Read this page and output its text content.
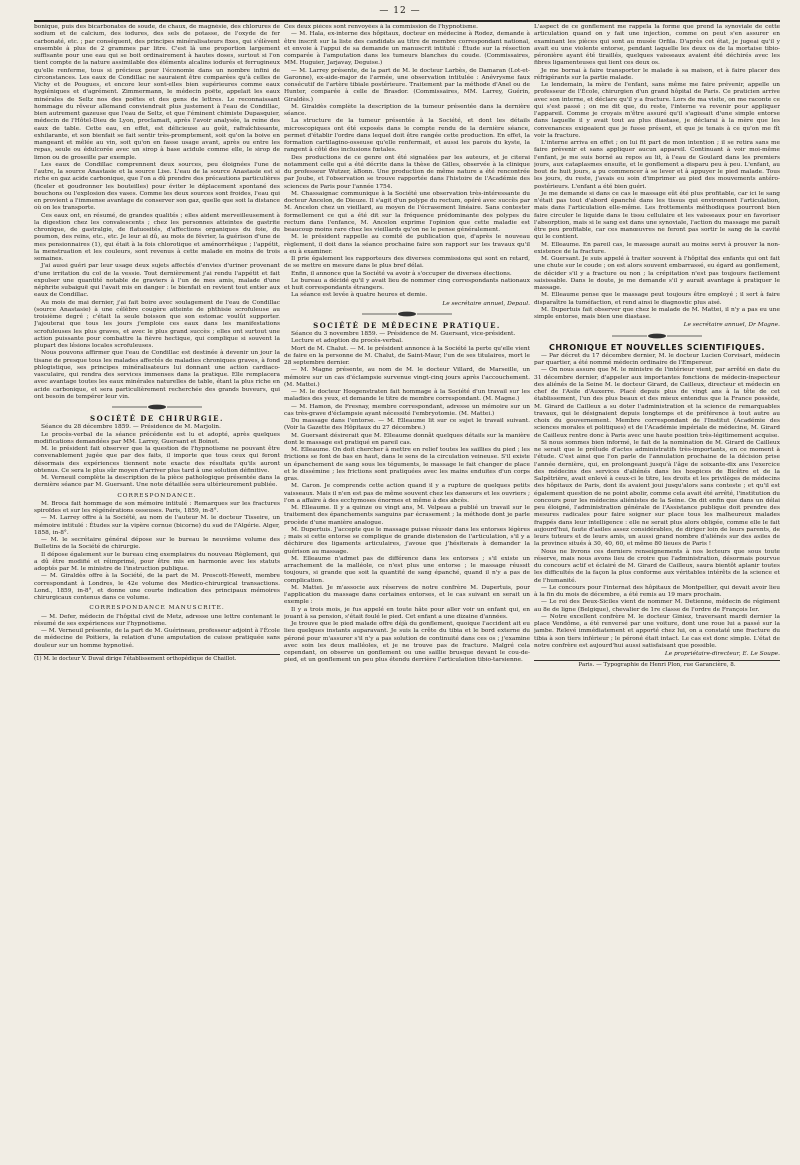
— 12 —

bonique, puis des bicarbonates de soude, de chaux, de magnésie, des chlorures de sodium et de calcium, des iodures, des sels de potasse, de l'oxyde de fer carbonaté, etc. ; par conséquent, des principes minéralisateurs fixes, qui s'élèvent ensemble à plus de 2 grammes par litre. C'est là une proportion largement suffisante pour une eau qui se boit ordinairement à hautes doses, surtout si l'on tient compte de la nature assimilable des éléments alcalins iodurés et ferrugineux qu'elle renferme, tous si précieux pour l'économie dans un nombre infini de circonstances. Les eaux de Condillac ne sauraient être comparées qu'à celles de Vichy et de Pougues, et encore leur sont-elles bien supérieures comme eaux hygiéniques et d'agrément. Zimmermann, le médecin poëte, appelait les eaux minérales de Seltz nos des poëtes et des gens de lettres. Le reconnaissant hommage du rêveur allemand conviendrait plus justement à l'eau de Condillac, bien autrement gazeuse que l'eau de Seltz, et que l'éminent chimiste Dupasquier, médecin de l'Hôtel-Dieu de Lyon, proclamait, après l'avoir analysée, la reine des eaux de table. Cette eau, en effet, est délicieuse au goût, rafraîchissante, exhilarante, et son bienfait se fait sentir très-promptement, soit qu'on la boive en mangeant et mêlée au vin, soit qu'on en fasse usage avant, après ou entre les repas, seule ou édulcorée avec un sirop à base acidule comme elle, le sirop de limon ou de groseille par exemple.

Les eaux de Condillac comprennent deux sources, peu éloignées l'une de l'autre, la source Anastasie et la source Lise. L'eau de la source Anastasie est si riche en gaz acide carbonique, que l'on a dû prendre des précautions particulières (ficeler et goudronner les bouteilles) pour éviter le déplacement spontané des bouchons ou l'explosion des vases. Comme les deux sources sont froides, l'eau qui en provient a l'immense avantage de conserver son gaz, quelle que soit la distance où on les transporte.

Ces eaux ont, en résumé, de grandes qualités ; elles aident merveilleusement à la digestion chez les convalescents ; chez les personnes atteintes de gastrite chronique, de gastralgie, de flatuosités, d'affections organiques du foie, du poumon, des reins, etc., etc. Je leur ai dû, au mois de février, la guérison d'une de mes pensionnaires (1), qui était à la fois chlorotique et aménorrhéique ; l'appétit, la menstruation et les couleurs, sont revenus à cette malade en moins de trois semaines.

J'ai aussi guéri par leur usage deux sujets affectés d'envies d'uriner provenant d'une irritation du col de la vessie. Tout dernièrement j'ai rendu l'appétit et fait expulser une quantité notable de graviers à l'un de mes amis, malade d'une néphrite subaiguë qui l'avait mis en danger : le bienfait en revient tout entier aux eaux de Condillac.

Au mois de mai dernier, j'ai fait boire avec soulagement de l'eau de Condillac (source Anastasie) à une célèbre cougère atteinte de phthisie scrofuleuse au troisième degré ; c'était la seule boisson que son estomac voulût supporter. J'ajouterai que tous les jours j'emploie ces eaux dans les manifestations scrofuleuses les plus graves, et avec le plus grand succès ; elles ont surtout une action puissante pour combattre la fièvre hectique, qui complique si souvent la plupart des lésions locales scrofuleuses.

Nous pouvons affirmer que l'eau de Condillac est destinée à devenir un jour la tisane de presque tous les malades affectés de maladies chroniques graves, à fond phlogistique, ses principes minéralisateurs lui donnant une action cardiaco-vasculaire, qui rendra des services immenses dans la pratique. Elle remplacera avec avantage toutes les eaux minérales naturelles de table, étant la plus riche en acide carbonique, et sera particulièrement recherchée des grands buveurs, qui ont besoin de tempérer leur vin.

SOCIÉTÉ DE CHIRURGIE.

Séance du 28 décembre 1859. — Présidence de M. Marjolin.

Le procès-verbal de la séance précédente est lu et adopté, après quelques modifications demandées par MM. Larrey, Guersant et Boinet.

M. le président fait observer que la question de l'hypnotisme ne pouvant être convenablement jugée que par des faits, il importe que tous ceux qui feront désormais des expériences tiennent note exacte des résultats qu'ils auront obtenus. Ce sera le plus sûr moyen d'arriver plus tard à une solution définitive.

M. Verneuil complète la description de la pièce pathologique présentée dans la dernière séance par M. Guersant. Une note détaillée sera ultérieurement publiée.

CORRESPONDANCE.

M. Broca fait hommage de son mémoire intitulé : Remarques sur les fractures spiroïdes et sur les régénérations osseuses. Paris, 1859, in-8°.

— M. Larrey offre à la Société, au nom de l'auteur M. le docteur Tisseire, un mémoire intitulé : Études sur la vipère cornue (bicorne) du sud de l'Algérie. Alger, 1858, in-8°.

— M. le secrétaire général dépose sur le bureau le neuvième volume des Bulletins de la Société de chirurgie.

Il dépose également sur le bureau cinq exemplaires du nouveau Règlement, qui a dû être modifié et réimprimé, pour être mis en harmonie avec les statuts adoptés par M. le ministre de l'instruction publique.

— M. Giraldès offre à la Société, de la part de M. Prescott-Hewett, membre correspondant à Londres, le 42e volume des Medico-chirurgical transactions. Lond., 1859, in-8°, et donne une courte indication des principaux mémoires chirurgicaux contenus dans ce volume.

CORRESPONDANCE MANUSCRITE.

— M. Defer, médecin de l'hôpital civil de Metz, adresse une lettre contenant le résumé de ses expériences sur l'hypnotisme.

— M. Verneuil présente, de la part de M. Guérineau, professeur adjoint à l'École de médecine de Poitiers, la relation d'une amputation de cuisse pratiquée sans douleur sur un homme hypnotisé.

(1) M. le docteur V. Duval dirige l'établissement orthopédique de Chaillot.

Ces deux pièces sont renvoyées à la commission de l'hypnotisme.

— M. Hala, ex-interne des hôpitaux, docteur en médecine à Rodez, demande à être inscrit sur la liste des candidats au titre de membre correspondant national, et envoie à l'appui de sa demande un manuscrit intitulé : Étude sur la résection comparée à l'amputation dans les tumeurs blanches du coude. (Commissaires, MM. Huguier, Jarjavay, Deguise.)

— M. Larrey présente, de la part de M. le docteur Larbès, de Damaran (Lot-et-Garonne), ex-aide-major de l'armée, une observation intitulée : Anévrysme faux consécutif de l'artère tibiale postérieure. Traitement par la méthode d'Anel ou de Hunter, comparée à celle de Brasdor. (Commissaires, MM. Larrey, Guérin, Giraldès.)

M. Giraldès complète la description de la tumeur présentée dans la dernière séance.

La structure de la tumeur présentée à la Société, et dont les détails microscopiques ont été exposés dans le compte rendu de la dernière séance, permet d'établir l'ordre dans lequel doit être rangée cette production. En effet, la formation cartilagino-osseuse qu'elle renfermait, et aussi les parois du kyste, la rangent à côté des inclusions fœtales.

Des productions de ce genre ont été signalées par les auteurs, et je citerai notamment celle qui a été décrite dans la thèse de Gilles, observée à la clinique du professeur Wutzer, àBonn. Une production de même nature a été rencontrée par Joube, et l'observation se trouve rapportée dans l'histoire de l'Académie des sciences de Paris pour l'année 1754.

M. Chassaignac communique à la Société une observation très-intéressante du docteur Ancelon, de Dieuze. Il s'agit d'un polype du rectum, opéré avec succès par M. Ancelon chez un vieillard, au moyen de l'écrasement linéaire. Sans contester formellement ce qui a été dit sur la fréquence prédominante des polypes du rectum dans l'enfance, M. Ancelon exprime l'opinion que cette maladie est beaucoup moins rare chez les vieillards qu'on ne le pense généralement.

M. le président rappelle au comité de publication que, d'après le nouveau règlement, il doit dans la séance prochaine faire son rapport sur les travaux qu'il a eu à examiner.

Il prie également les rapporteurs des diverses commissions qui sont en retard, de se mettre en mesure dans le plus bref délai.

Enfin, il annonce que la Société va avoir à s'occuper de diverses élections.

Le bureau a décidé qu'il y avait lieu de nommer cinq correspondants nationaux et huit correspondants étrangers.

La séance est levée à quatre heures et demie.

Le secrétaire annuel, Depaul.
SOCIÉTÉ DE MÉDECINE PRATIQUE.

Séance du 3 novembre 1859. — Présidence de M. Guersant, vice-président.

Lecture et adoption du procès-verbal.

Mort de M. Chalut. — M. le président annonce à la Société la perte qu'elle vient de faire en la personne de M. Chalut, de Saint-Maur, l'un de ses titulaires, mort le 28 septembre dernier.

— M. Magne présente, au nom de M. le docteur Villard, de Marseille, un mémoire sur un cas d'éclampsie survenue vingt-cinq jours après l'accouchement. (M. Mattei.)

— M. le docteur Hoogenstraten fait hommage à la Société d'un travail sur les maladies des yeux, et demande le titre de membre correspondant. (M. Magne.)

— M. Hamon, de Fresnay, membre correspondant, adresse un mémoire sur un cas très-grave d'éclampsie ayant nécessité l'embryotomie. (M. Mattei.)

Du massage dans l'entorse. — M. Elleaume lit sur ce sujet le travail suivant. (Voir la Gazette des Hôpitaux du 27 décembre.)

M. Guersant désirerait que M. Elleaume donnât quelques détails sur la manière dont le massage est pratiqué en pareil cas.

M. Elleaume. On doit chercher à mettre en relief toutes les saillies du pied ; les frictions se font de bas en haut, dans le sens de la circulation veineuse. S'il existe un épanchement de sang sous les téguments, le massage le fait changer de place et le dissémine ; les frictions sont pratiquées avec les mains enduites d'un corps gras.

M. Caron. Je comprends cette action quand il y a rupture de quelques petits vaisseaux. Mais il n'en est pas de même souvent chez les danseurs et les ouvriers ; l'on a affaire à des ecchymoses énormes et même à des abcès.

M. Elleaume. Il y a quinze ou vingt ans, M. Velpeau a publié un travail sur le traitement des épanchements sanguins par écrasement ; la méthode dont je parle procède d'une manière analogue.

M. Dupertuis. J'accepte que le massage puisse réussir dans les entorses légères ; mais si cette entorse se complique de grande distension de l'articulation, s'il y a déchirure des ligaments articulaires, j'avoue que j'hésiterais à demander la guérison au massage.

M. Elleaume n'admet pas de différence dans les entorses ; s'il existe un arrachement de la malléole, ce n'est plus une entorse ; le massage réussit toujours, si grande que soit la quantité de sang épanché, quand il n'y a pas de complication.

M. Mattei. Je m'associe aux réserves de notre confrère M. Dupertuis, pour l'application du massage dans certaines entorses, et le cas suivant en serait un exemple :

Il y a trois mois, je fus appelé en toute hâte pour aller voir un enfant qui, en jouant à sa pension, s'était foulé le pied. Cet enfant a une dizaine d'années.

Je trouve que le pied malade offre déjà du gonflement, quoique l'accident ait eu lieu quelques instants auparavant. Je suis la crête du tibia et le bord externe du péroné pour m'assurer s'il n'y a pas solution de continuité dans ces os ; j'examine avec soin les deux malléoles, et je ne trouve pas de fracture. Malgré cela cependant, on observe un gonflement ou une saillie brusque devant le cou-de-pied, et un gonflement un peu plus étendu derrière l'articulation tibio-tarsienne.

L'aspect de ce gonflement me rappela la forme que prend la synoviale de cette articulation quand on y fait une injection, comme on peut s'en assurer en examinant les pièces qui sont au musée Orfila. D'après cet état, je jugeai qu'il y avait eu une violente entorse, pendant laquelle les deux os de la mortaise tibio-péronière ayant été tiraillés, quelques vaisseaux avaient été déchirés avec les fibres ligamenteuses qui lient ces deux os.

Je me bornai à faire transporter le malade à sa maison, et à faire placer des réfrigérants sur la partie malade.

Le lendemain, la mère de l'enfant, sans même me faire prévenir, appelle un professeur de l'École, chirurgien d'un grand hôpital de Paris. Ce praticien arrive avec son interne, et déclare qu'il y a fracture. Lors de ma visite, on me raconte ce qui s'est passé ; on me dit que, du reste, l'interne va revenir pour appliquer l'appareil. Comme je croyais m'être assuré qu'il s'agissait d'une simple entorse dans laquelle il y avait tout au plus diastase, je déclarai à la mère que les convenances exigeaient que je fusse présent, et que je tenais à ce qu'on me fît voir la fracture.

L'interne arriva en effet ; on lui fit part de mon intention ; il se retira sans me faire prévenir et sans appliquer aucun appareil. Continuant à voir moi-même l'enfant, je me suis borné au repos au lit, à l'eau de Goulard dans les premiers jours, aux cataplasmes ensuite, et le gonflement a disparu peu à peu. L'enfant, au bout de huit jours, a pu commencer à se lever et à appuyer le pied malade. Tous les jours, du reste, j'avais eu soin d'imprimer au pied des mouvements antéro-postérieurs. L'enfant a été bien guéri.

Je me demande si dans ce cas le massage eût été plus profitable, car ici le sang n'était pas tout d'abord épanché dans les tissus qui environnent l'articulation, mais dans l'articulation elle-même. Les frottements méthodiques pourront bien faire circuler le liquide dans le tissu cellulaire et les vaisseaux pour en favoriser l'absorption, mais si le sang est dans une synoviale, l'action du massage me paraît être peu profitable, car ces manœuvres ne feront pas sortir le sang de la cavité qui le contient.

M. Elleaume. En pareil cas, le massage aurait au moins servi à prouver la non-existence de la fracture.

M. Guersant. Je suis appelé à traiter souvent à l'hôpital des enfants qui ont fait une chute sur le coude ; on est alors souvent embarrassé, eu égard au gonflement, de décider s'il y a fracture ou non ; la crépitation n'est pas toujours facilement saisissable. Dans le doute, je me demande s'il y aurait avantage à pratiquer le massage.

M. Elleaume pense que le massage peut toujours être employé ; il sert à faire disparaître la tuméfaction, et rend ainsi le diagnostic plus aisé.

M. Dupertuis fait observer que chez le malade de M. Mattei, il n'y a pas eu une simple entorse, mais bien une diastase.

Le secrétaire annuel, Dr Magne.
CHRONIQUE ET NOUVELLES SCIENTIFIQUES.

— Par décret du 17 décembre dernier, M. le docteur Lucien Corvisart, médecin par quartier, a été nommé médecin ordinaire de l'Empereur.

— On nous assure que M. le ministre de l'intérieur vient, par arrêté en date du 31 décembre dernier, d'appeler aux importantes fonctions de médecin-inspecteur des aliénés de la Seine M. le docteur Girard, de Cailleux, directeur et médecin en chef de l'Asile d'Auxerre. Placé depuis plus de vingt ans à la tête de cet établissement, l'un des plus beaux et des mieux entendus que la France possède, M. Girard de Cailleux a su doter l'administration et la science de remarquables travaux, qui le désignaient depuis longtemps et de préférence à tout autre au choix du gouvernement. Membre correspondant de l'Institut (Académie des sciences morales et politiques) et de l'Académie impériale de médecine, M. Girard de Cailleux rentre donc à Paris avec une haute position très-légitimement acquise.

Si nous sommes bien informé, le fait de la nomination de M. Girard de Cailleux ne serait que le prélude d'actes administratifs très-importants, en ce moment à l'étude. C'est ainsi que l'on parle de l'annulation prochaine de la décision prise l'année dernière, qui, en prolongeant jusqu'à l'âge de soixante-dix ans l'exercice des médecins des services d'aliénés dans les hospices de Bicêtre et de la Salpêtrière, avait enlevé à ceux-ci le titre, les droits et les privilèges de médecins des hôpitaux de Paris, dont ils avaient joui jusqu'alors sans conteste ; et qu'il est également question de ne point abolir, comme cela avait été arrêté, l'institution du concours pour les médecins aliénistes de la Seine. On dit enfin que dans un délai peu éloigné, l'administration générale de l'Assistance publique doit prendre des mesures radicales pour faire soigner sur place tous les malheureux malades frappés dans leur intelligence : elle ne serait plus alors obligée, comme elle le fait aujourd'hui, faute d'asiles assez considérables, de diriger loin de leurs parents, de leurs tuteurs et de leurs amis, un aussi grand nombre d'aliénés sur des asiles de la province situés à 30, 40, 60, et même 80 lieues de Paris !

Nous ne livrons ces derniers renseignements à nos lecteurs que sous toute réserve, mais nous avons lieu de croire que l'administration, désormais pourvue du concours actif et éclairé de M. Girard de Cailleux, saura bientôt aplanir toutes les difficultés de la façon la plus conforme aux véritables intérêts de la science et de l'humanité.

— Le concours pour l'internat des hôpitaux de Montpellier, qui devait avoir lieu à la fin du mois de décembre, a été remis au 19 mars prochain.

— Le roi des Deux-Siciles vient de nommer M. Detienne, médecin de régiment au 8e de ligne (Belgique), chevalier de 1re classe de l'ordre de François Ier.

— Notre excellent confrère M. le docteur Giniez, traversant mardi dernier la place Vendôme, a été renversé par une voiture, dont une roue lui a passé sur la jambe. Relevé immédiatement et apporté chez lui, on a constaté une fracture du tibia à son tiers inférieur ; le péroné était intact. Le cas est donc simple. L'état de notre confrère est aujourd'hui aussi satisfaisant que possible.

Le propriétaire-directeur, E. Le Soupe.
Paris. — Typographie de Henri Plon, rue Garancière, 8.
